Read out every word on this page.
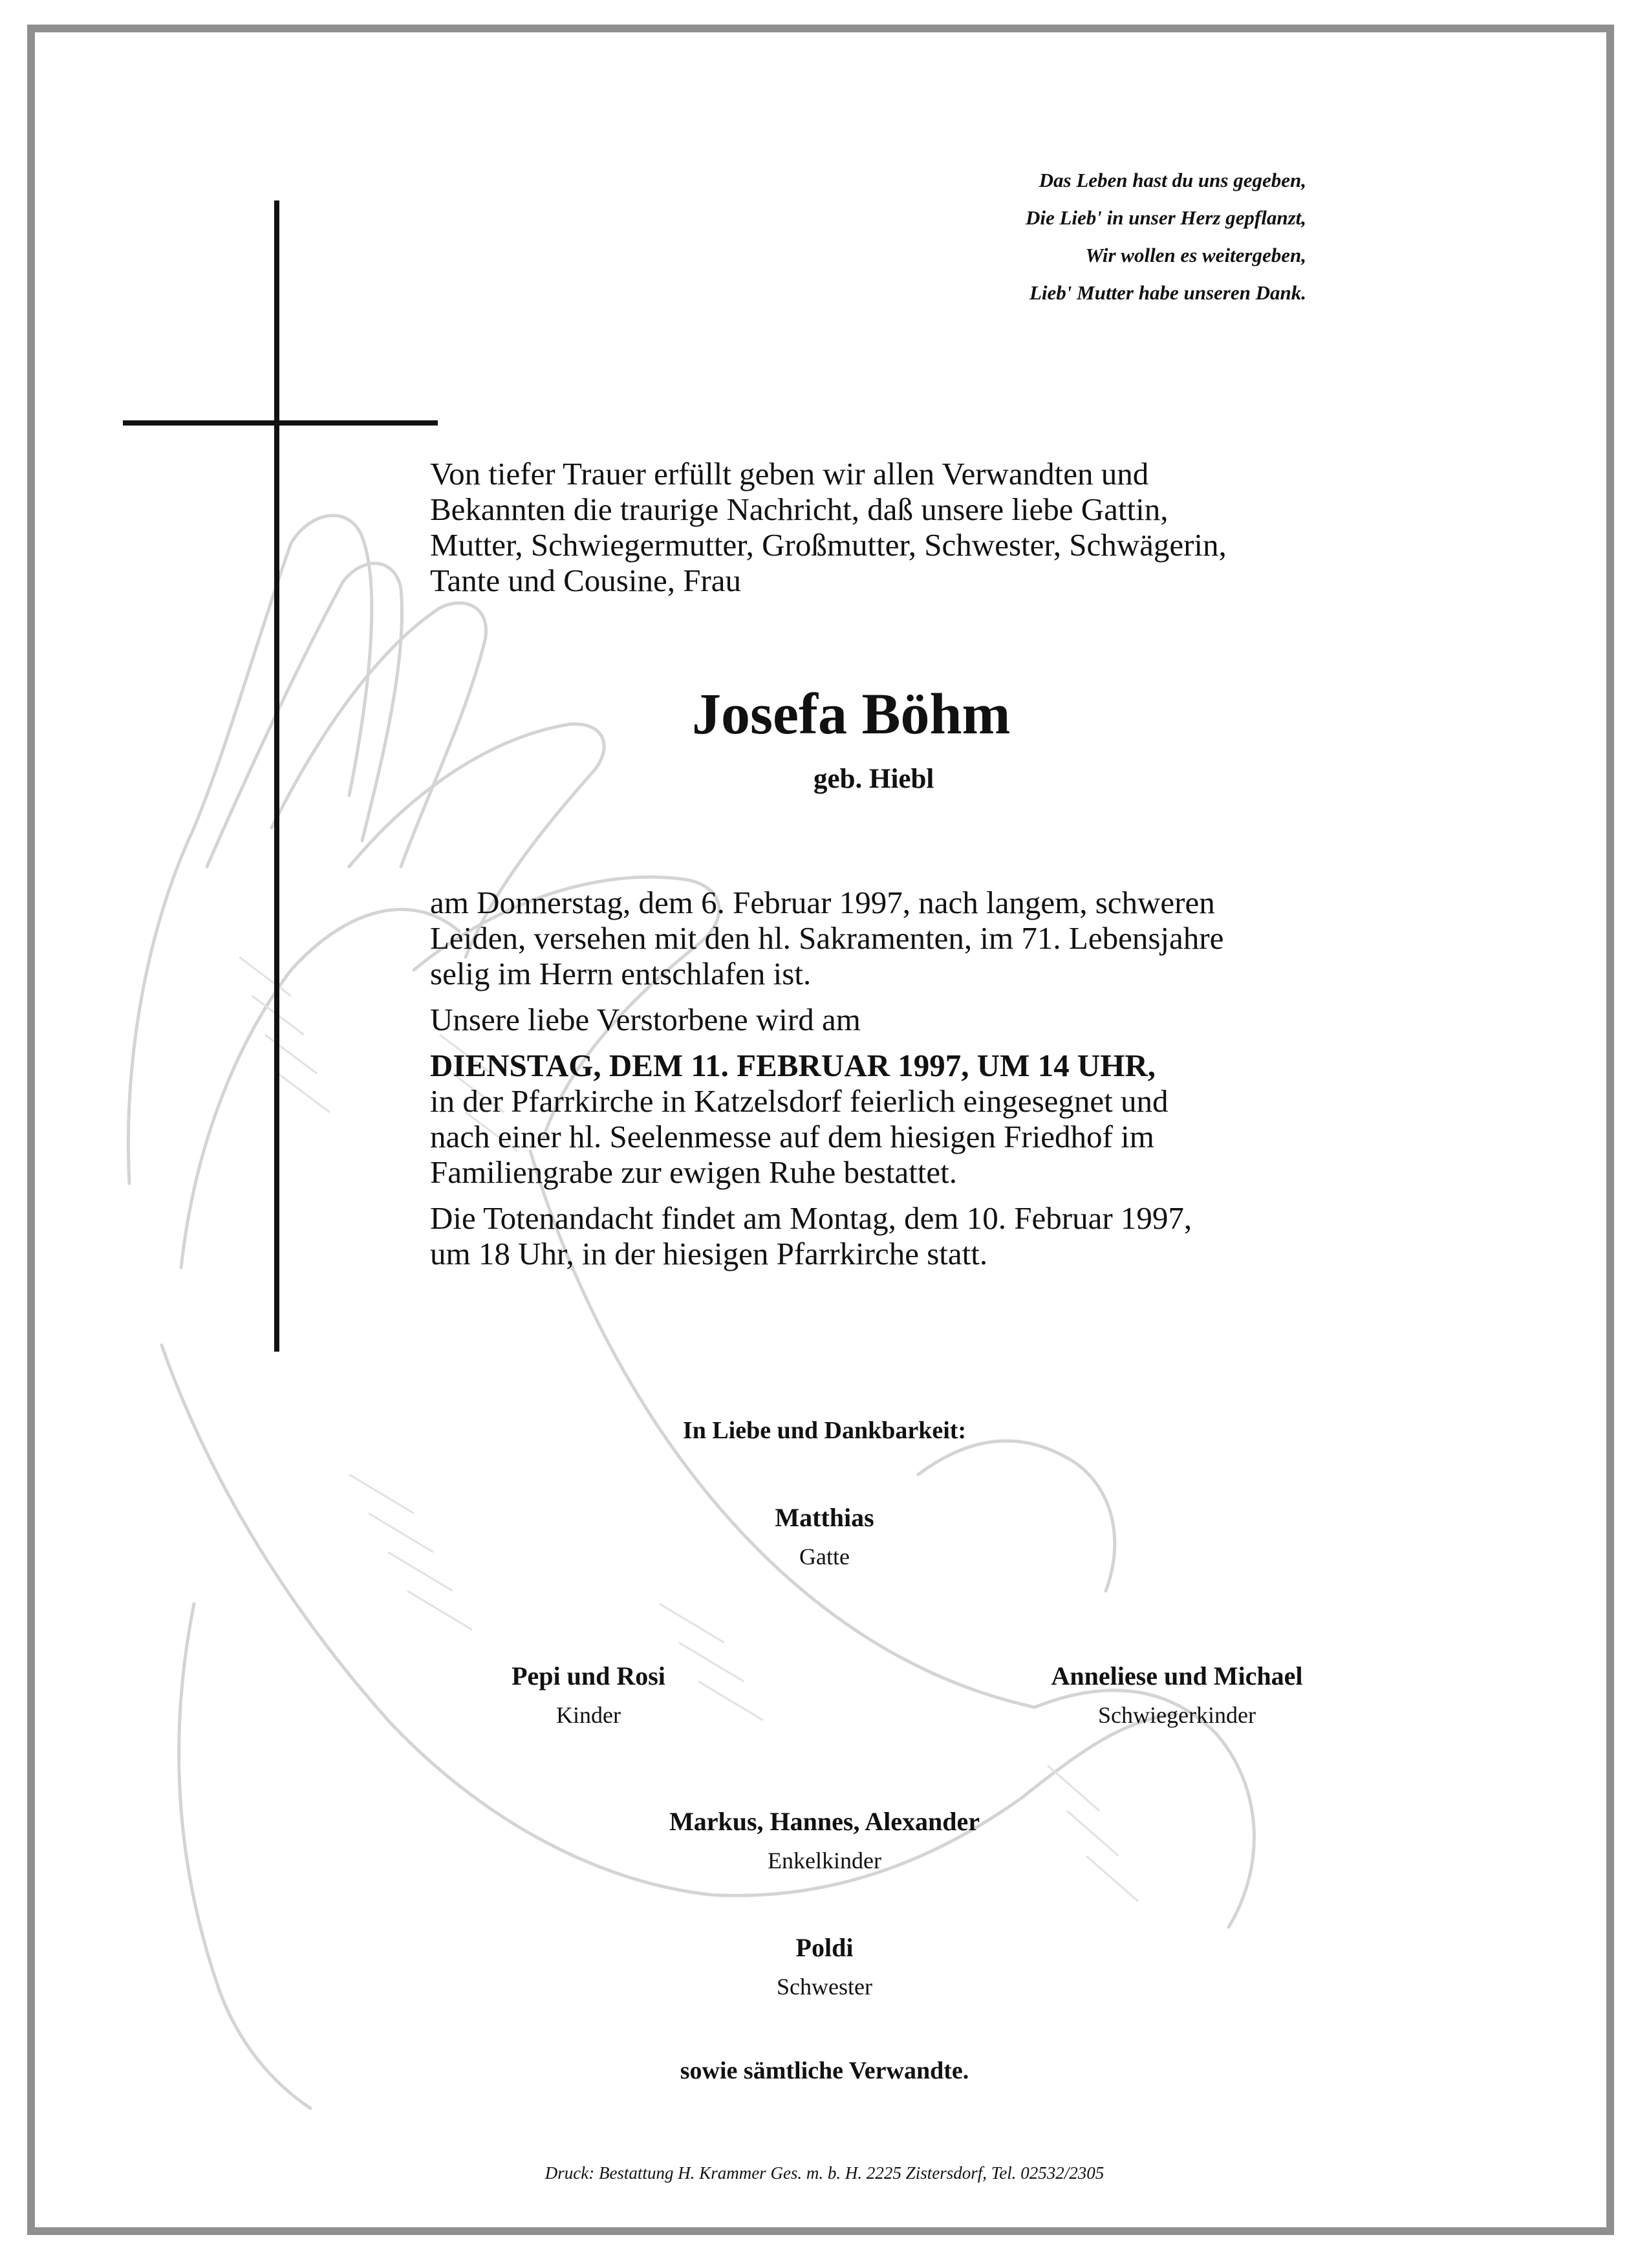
Das Leben hast du uns gegeben,
Die Lieb' in unser Herz gepflanzt,
Wir wollen es weitergeben,
Lieb' Mutter habe unseren Dank.
Von tiefer Trauer erfüllt geben wir allen Verwandten und
Bekannten die traurige Nachricht, daß unsere liebe Gattin,
Mutter, Schwiegermutter, Großmutter, Schwester, Schwägerin,
Tante und Cousine, Frau
Josefa Böhm
geb. Hiebl
am Donnerstag, dem 6. Februar 1997, nach langem, schweren
Leiden, versehen mit den hl. Sakramenten, im 71. Lebensjahre
selig im Herrn entschlafen ist.
Unsere liebe Verstorbene wird am
DIENSTAG, DEM 11. FEBRUAR 1997, UM 14 UHR,
in der Pfarrkirche in Katzelsdorf feierlich eingesegnet und
nach einer hl. Seelenmesse auf dem hiesigen Friedhof im
Familiengrabe zur ewigen Ruhe bestattet.
Die Totenandacht findet am Montag, dem 10. Februar 1997,
um 18 Uhr, in der hiesigen Pfarrkirche statt.
In Liebe und Dankbarkeit:
Matthias
Gatte
Pepi und Rosi
Kinder
Anneliese und Michael
Schwiegerkinder
Markus, Hannes, Alexander
Enkelkinder
Poldi
Schwester
sowie sämtliche Verwandte.
Druck: Bestattung H. Krammer Ges. m. b. H. 2225 Zistersdorf, Tel. 02532/2305
